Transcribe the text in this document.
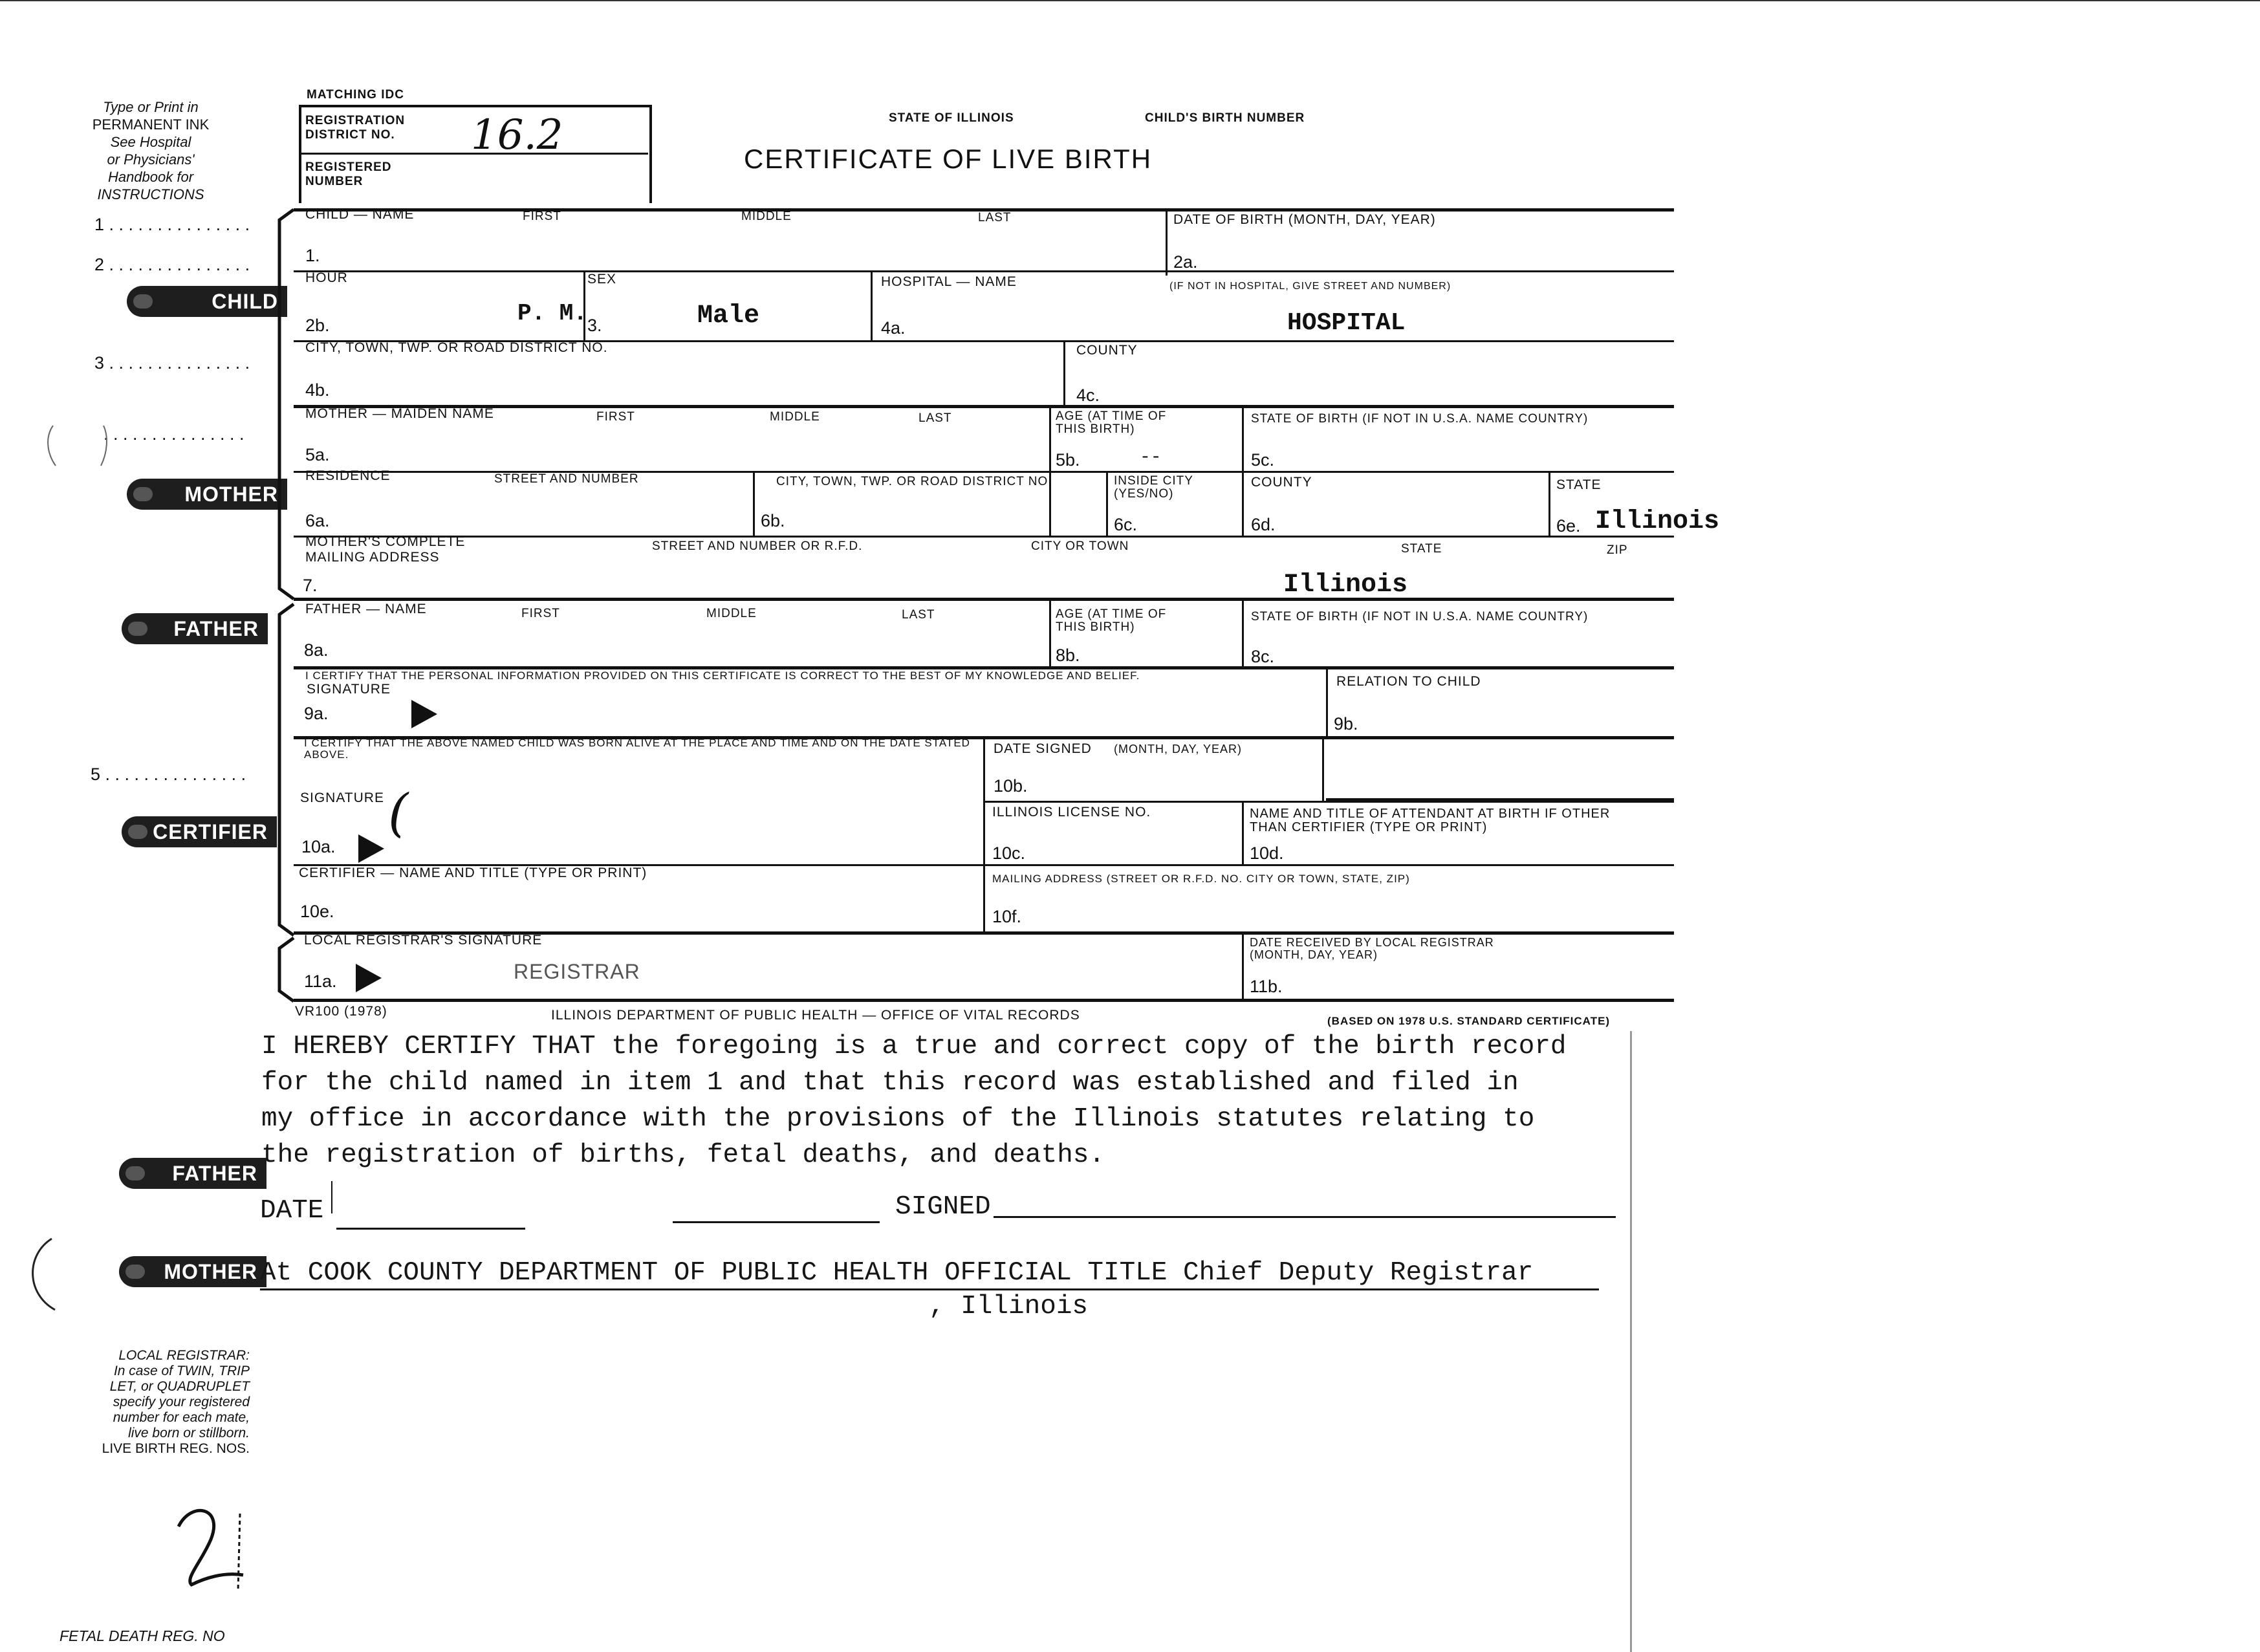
Type or Print in
PERMANENT INK
See Hospital
or Physicians'
Handbook for
INSTRUCTIONS
1 . . . . . . . . . . . . . . .
2 . . . . . . . . . . . . . . .
3 . . . . . . . . . . . . . . .
. . . . . . . . . . . . . . .
5 . . . . . . . . . . . . . . .
CHILD
MOTHER
FATHER
CERTIFIER
FATHER
MOTHER
LOCAL REGISTRAR:
In case of TWIN, TRIP
LET, or QUADRUPLET
specify your registered
number for each mate,
live born or stillborn.
LIVE BIRTH REG. NOS.
FETAL DEATH REG. NO
MATCHING IDC
REGISTRATION DISTRICT NO.	16.2
REGISTERED NUMBER
STATE OF ILLINOIS	CHILD'S BIRTH NUMBER
CERTIFICATE OF LIVE BIRTH
CHILD — NAME	FIRST	MIDDLE	LAST
1.
DATE OF BIRTH (MONTH, DAY, YEAR)
2a.
HOUR
2b.	P. M.
SEX
3.	Male
HOSPITAL — NAME	(IF NOT IN HOSPITAL, GIVE STREET AND NUMBER)
4a.	HOSPITAL
CITY, TOWN, TWP. OR ROAD DISTRICT NO.
4b.
COUNTY
4c.
MOTHER — MAIDEN NAME	FIRST	MIDDLE	LAST
5a.
AGE (AT TIME OF THIS BIRTH)
5b.	--
STATE OF BIRTH (IF NOT IN U.S.A. NAME COUNTRY)
5c.
RESIDENCE	STREET AND NUMBER
6a.
CITY, TOWN, TWP. OR ROAD DISTRICT NO.
6b.
INSIDE CITY (YES/NO)
6c.
COUNTY
6d.
STATE
6e. Illinois
MOTHER'S COMPLETE MAILING ADDRESS
STREET AND NUMBER OR R.F.D.	CITY OR TOWN	STATE	ZIP
7.	Illinois
FATHER — NAME	FIRST	MIDDLE	LAST
8a.
AGE (AT TIME OF THIS BIRTH)
8b.
STATE OF BIRTH (IF NOT IN U.S.A. NAME COUNTRY)
8c.
I CERTIFY THAT THE PERSONAL INFORMATION PROVIDED ON THIS CERTIFICATE IS CORRECT TO THE BEST OF MY KNOWLEDGE AND BELIEF.
SIGNATURE
9a.
RELATION TO CHILD
9b.
I CERTIFY THAT THE ABOVE NAMED CHILD WAS BORN ALIVE AT THE PLACE AND TIME AND ON THE DATE STATED ABOVE.	DATE SIGNED (MONTH, DAY, YEAR)
10b.
SIGNATURE (
10a.
ILLINOIS LICENSE NO.
10c.
NAME AND TITLE OF ATTENDANT AT BIRTH IF OTHER THAN CERTIFIER (TYPE OR PRINT)
10d.
CERTIFIER — NAME AND TITLE (TYPE OR PRINT)
10e.
MAILING ADDRESS (STREET OR R.F.D. NO. CITY OR TOWN, STATE, ZIP)
10f.
LOCAL REGISTRAR'S SIGNATURE
11a.	REGISTRAR
DATE RECEIVED BY LOCAL REGISTRAR (MONTH, DAY, YEAR)
11b.
VR100 (1978)	ILLINOIS DEPARTMENT OF PUBLIC HEALTH — OFFICE OF VITAL RECORDS	(BASED ON 1978 U.S. STANDARD CERTIFICATE)
I HEREBY CERTIFY THAT the foregoing is a true and correct copy of the birth record
for the child named in item 1 and that this record was established and filed in
my office in accordance with the provisions of the Illinois statutes relating to
the registration of births, fetal deaths, and deaths.
DATE	SIGNED
At COOK COUNTY DEPARTMENT OF PUBLIC HEALTH OFFICIAL TITLE Chief Deputy Registrar
, Illinois
